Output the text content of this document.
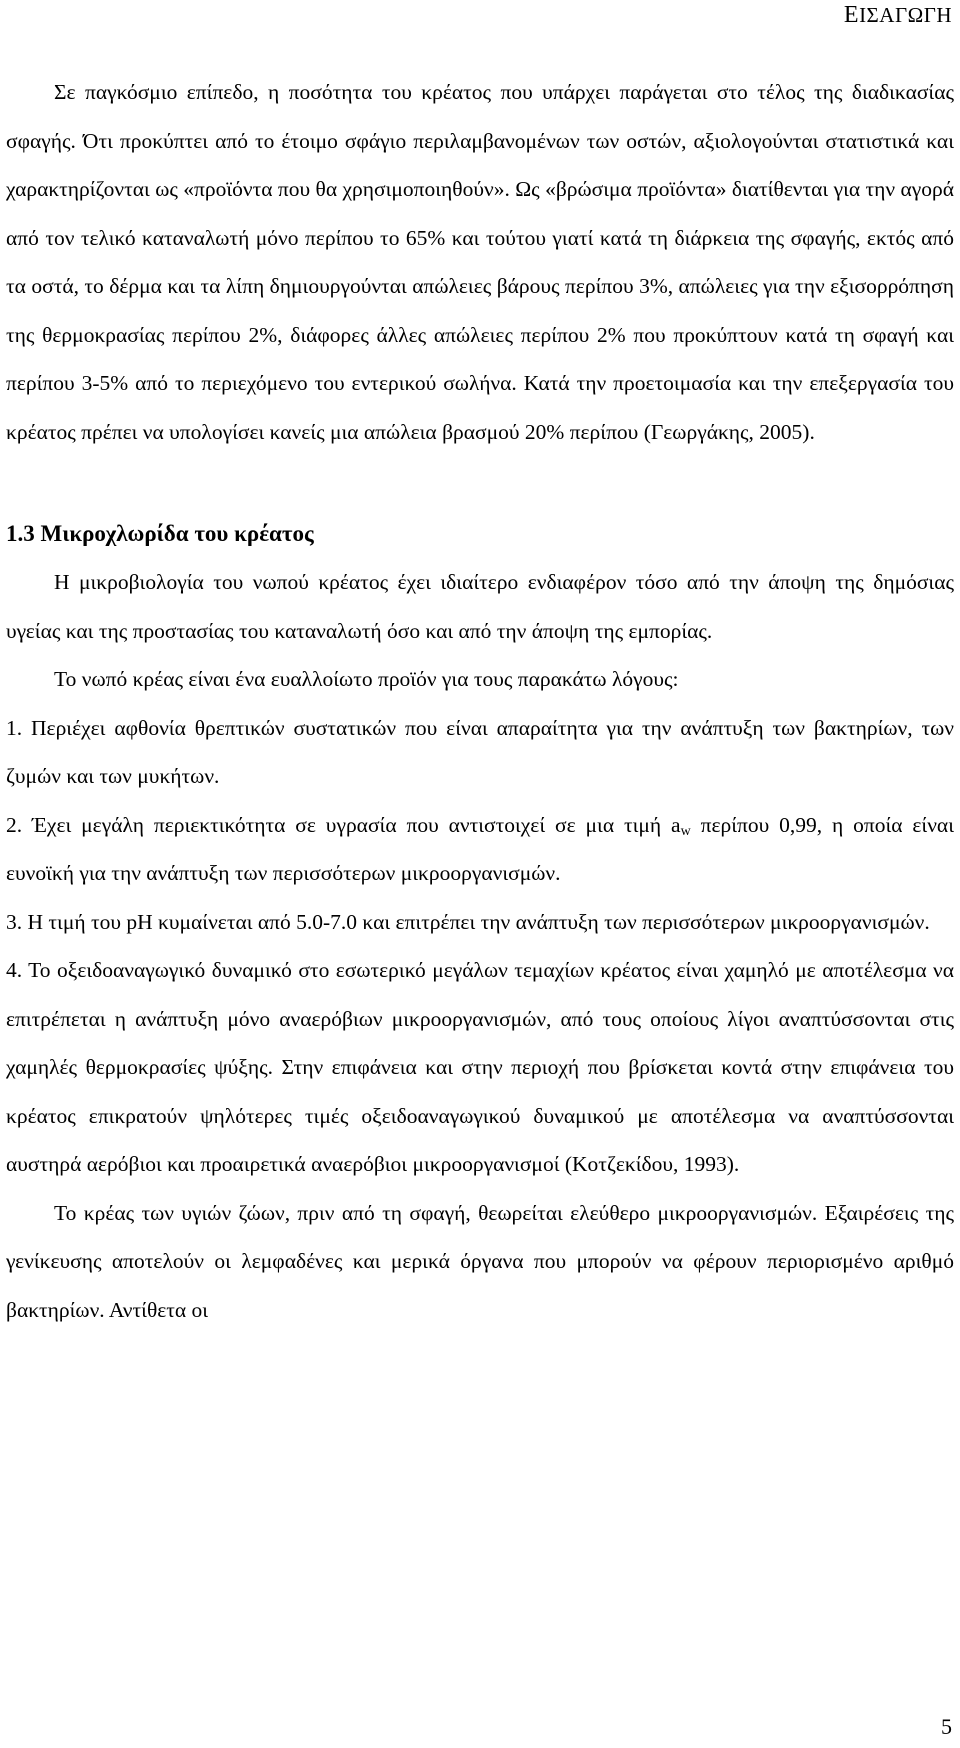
ΕΙΣΑΓΩΓΗ

Σε παγκόσμιο επίπεδο, η ποσότητα του κρέατος που υπάρχει παράγεται στο τέλος της διαδικασίας σφαγής. Ότι προκύπτει από το έτοιμο σφάγιο περιλαμβανομένων των οστών, αξιολογούνται στατιστικά και χαρακτηρίζονται ως «προϊόντα που θα χρησιμοποιηθούν». Ως «βρώσιμα προϊόντα» διατίθενται για την αγορά από τον τελικό καταναλωτή μόνο περίπου το 65% και τούτου γιατί κατά τη διάρκεια της σφαγής, εκτός από τα οστά, το δέρμα και τα λίπη δημιουργούνται απώλειες βάρους περίπου 3%, απώλειες για την εξισορρόπηση της θερμοκρασίας περίπου 2%, διάφορες άλλες απώλειες περίπου 2% που προκύπτουν κατά τη σφαγή και περίπου 3-5% από το περιεχόμενο του εντερικού σωλήνα. Κατά την προετοιμασία και την επεξεργασία του κρέατος πρέπει να υπολογίσει κανείς μια απώλεια βρασμού 20% περίπου (Γεωργάκης, 2005).

1.3 Μικροχλωρίδα του κρέατος

Η μικροβιολογία του νωπού κρέατος έχει ιδιαίτερο ενδιαφέρον τόσο από την άποψη της δημόσιας υγείας και της προστασίας του καταναλωτή όσο και από την άποψη της εμπορίας.

Το νωπό κρέας είναι ένα ευαλλοίωτο προϊόν για τους παρακάτω λόγους:

1. Περιέχει αφθονία θρεπτικών συστατικών που είναι απαραίτητα για την ανάπτυξη των βακτηρίων, των ζυμών και των μυκήτων.

2. Έχει μεγάλη περιεκτικότητα σε υγρασία που αντιστοιχεί σε μια τιμή $a_w$ περίπου 0,99, η οποία είναι ευνοϊκή για την ανάπτυξη των περισσότερων μικροοργανισμών.

3. Η τιμή του pH κυμαίνεται από 5.0-7.0 και επιτρέπει την ανάπτυξη των περισσότερων μικροοργανισμών.

4. Το οξειδοαναγωγικό δυναμικό στο εσωτερικό μεγάλων τεμαχίων κρέατος είναι χαμηλό με αποτέλεσμα να επιτρέπεται η ανάπτυξη μόνο αναερόβιων μικροοργανισμών, από τους οποίους λίγοι αναπτύσσονται στις χαμηλές θερμοκρασίες ψύξης. Στην επιφάνεια και στην περιοχή που βρίσκεται κοντά στην επιφάνεια του κρέατος επικρατούν ψηλότερες τιμές οξειδοαναγωγικού δυναμικού με αποτέλεσμα να αναπτύσσονται αυστηρά αερόβιοι και προαιρετικά αναερόβιοι μικροοργανισμοί (Κοτζεκίδου, 1993).

Το κρέας των υγιών ζώων, πριν από τη σφαγή, θεωρείται ελεύθερο μικροοργανισμών. Εξαιρέσεις της γενίκευσης αποτελούν οι λεμφαδένες και μερικά όργανα που μπορούν να φέρουν περιορισμένο αριθμό βακτηρίων. Αντίθετα οι

5
